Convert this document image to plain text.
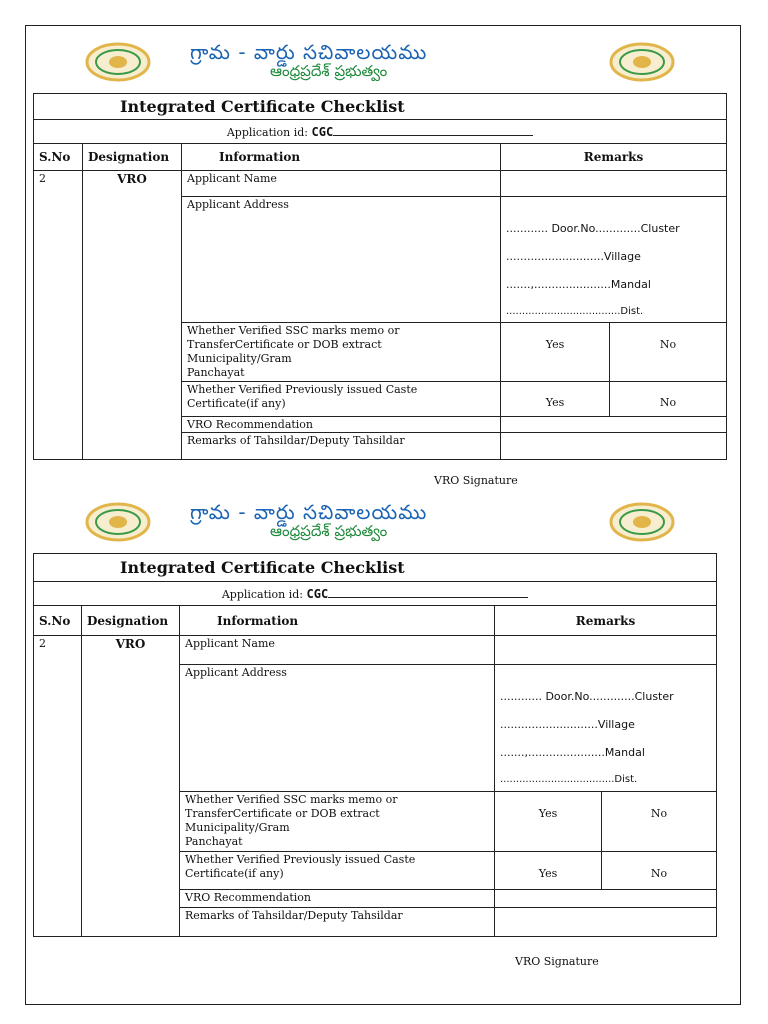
గ్రామ - వార్డు సచివాలయము
ఆంధ్రప్రదేశ్ ప్రభుత్వం
Integrated Certificate Checklist				
Application id: CGC				
S.No	Designation	Information	Remarks	
2	VRO	Applicant Name		
		Applicant Address	............ Door.No.............Cluster
............................Village
.......,......................Mandal
....................................Dist.	

		Whether Verified SSC marks memo or
TransferCertificate or DOB extract
Municipality/Gram
Panchayat	Yes	No

		Whether Verified Previously issued Caste
Certificate(if any)	Yes	No
		VRO Recommendation		
		Remarks of Tahsildar/Deputy Tahsildar		
VRO Signature
గ్రామ - వార్డు సచివాలయము
ఆంధ్రప్రదేశ్ ప్రభుత్వం
Integrated Certificate Checklist				
Application id: CGC				
S.No	Designation	Information	Remarks	
2	VRO	Applicant Name		
		Applicant Address	............ Door.No.............Cluster
............................Village
.......,......................Mandal
....................................Dist.	

		Whether Verified SSC marks memo or
TransferCertificate or DOB extract
Municipality/Gram
Panchayat	Yes	No

		Whether Verified Previously issued Caste
Certificate(if any)	Yes	No
		VRO Recommendation		
		Remarks of Tahsildar/Deputy Tahsildar		
VRO Signature
